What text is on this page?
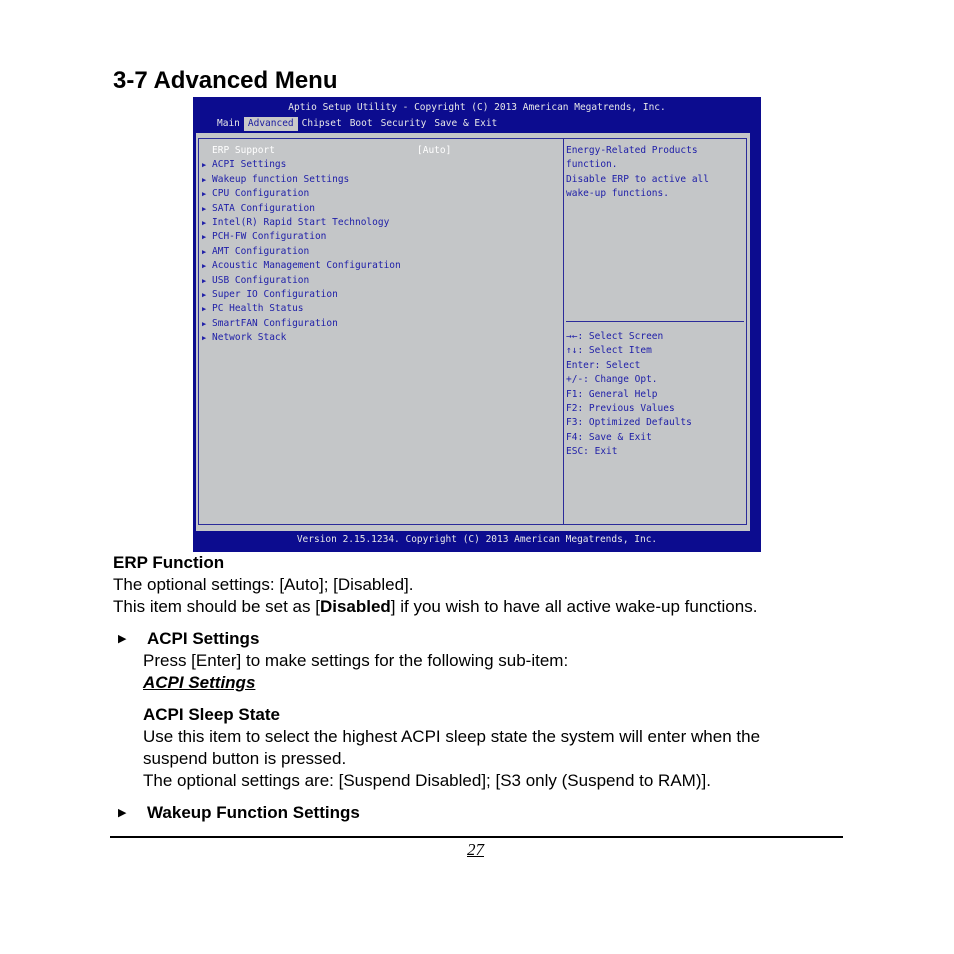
3-7 Advanced Menu
Aptio Setup Utility - Copyright (C) 2013 American Megatrends, Inc.
Main Advanced Chipset Boot Security Save & Exit

ERP Support	[Auto]
▶ ACPI Settings
▶ Wakeup function Settings
▶ CPU Configuration
▶ SATA Configuration
▶ Intel(R) Rapid Start Technology
▶ PCH-FW Configuration
▶ AMT Configuration
▶ Acoustic Management Configuration
▶ USB Configuration
▶ Super IO Configuration
▶ PC Health Status
▶ SmartFAN Configuration
▶ Network Stack
Energy-Related Products
function.
Disable ERP to active all
wake-up functions.
→←: Select Screen
↑↓: Select Item
Enter: Select
+/-: Change Opt.
F1: General Help
F2: Previous Values
F3: Optimized Defaults
F4: Save & Exit
ESC: Exit
Version 2.15.1234. Copyright (C) 2013 American Megatrends, Inc.
ERP Function
The optional settings: [Auto]; [Disabled].
This item should be set as [Disabled] if you wish to have all active wake-up functions.
▶ ACPI Settings
Press [Enter] to make settings for the following sub-item:
ACPI Settings
ACPI Sleep State
Use this item to select the highest ACPI sleep state the system will enter when the
suspend button is pressed.
The optional settings are: [Suspend Disabled]; [S3 only (Suspend to RAM)].
▶ Wakeup Function Settings
27
